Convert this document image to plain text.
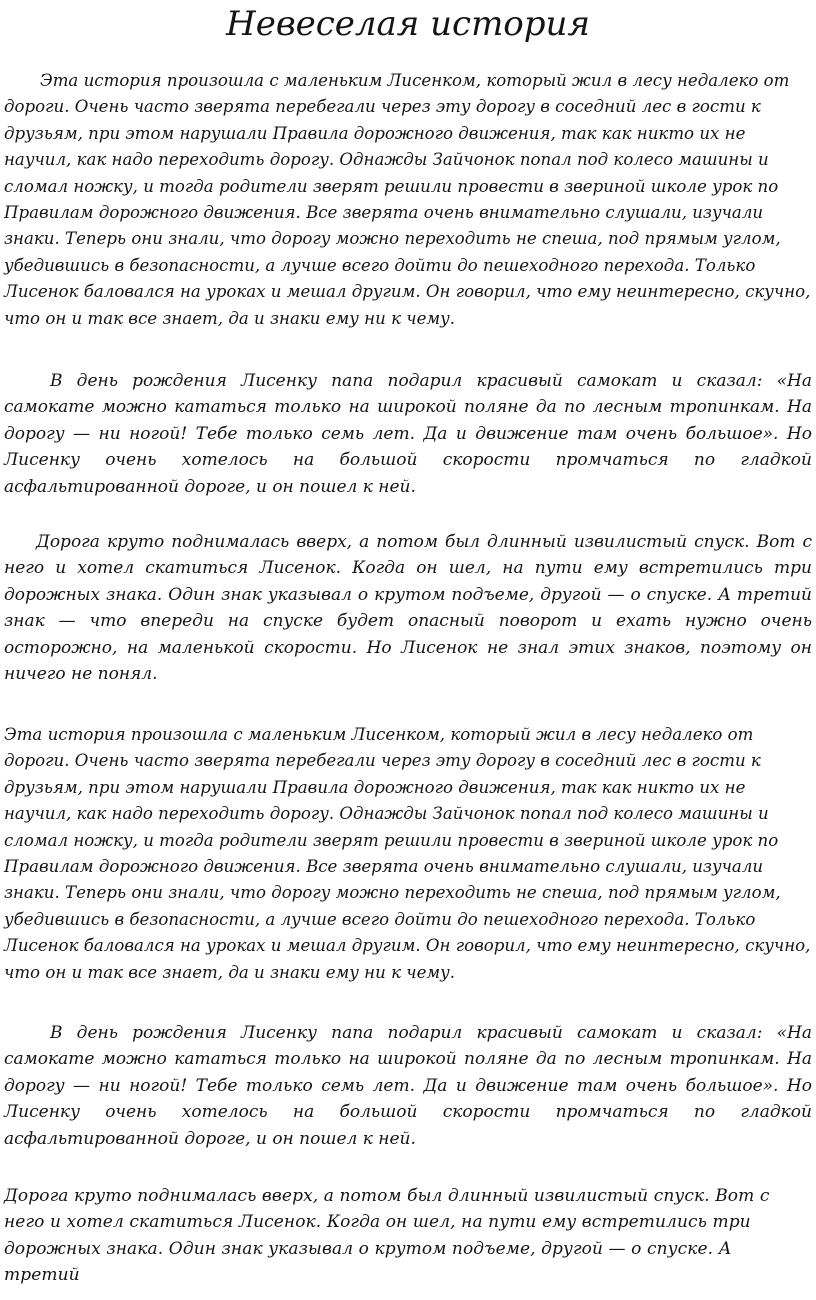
Невеселая история

Эта история произошла с маленьким Лисенком, который жил в лесу недалеко от дороги. Очень часто зверята перебегали через эту дорогу в соседний лес в гости к друзьям, при этом нарушали Правила дорожного движения, так как никто их не научил, как надо переходить дорогу. Однажды Зайчонок попал под колесо машины и сломал ножку, и тогда родители зверят решили провести в звериной школе урок по Правилам дорожного движения. Все зверята очень внимательно слушали, изучали знаки. Теперь они знали, что дорогу можно переходить не спеша, под прямым углом, убедившись в безопасности, а лучше всего дойти до пешеходного перехода. Только Лисенок баловался на уроках и мешал другим. Он говорил, что ему неинтересно, скучно, что он и так все знает, да и знаки ему ни к чему.

В день рождения Лисенку папа подарил красивый самокат и сказал: «На самокате можно кататься только на широкой поляне да по лесным тропинкам. На дорогу — ни ногой! Тебе только семь лет. Да и движение там очень большое». Но Лисенку очень хотелось на большой скорости промчаться по гладкой асфальтированной дороге, и он пошел к ней.

Дорога круто поднималась вверх, а потом был длинный извилистый спуск. Вот с него и хотел скатиться Лисенок. Когда он шел, на пути ему встретились три дорожных знака. Один знак указывал о крутом подъеме, другой — о спуске. А третий знак — что впереди на спуске будет опасный поворот и ехать нужно очень осторожно, на маленькой скорости. Но Лисенок не знал этих знаков, поэтому он ничего не понял.

Эта история произошла с маленьким Лисенком, который жил в лесу недалеко от дороги. Очень часто зверята перебегали через эту дорогу в соседний лес в гости к друзьям, при этом нарушали Правила дорожного движения, так как никто их не научил, как надо переходить дорогу. Однажды Зайчонок попал под колесо машины и сломал ножку, и тогда родители зверят решили провести в звериной школе урок по Правилам дорожного движения. Все зверята очень внимательно слушали, изучали знаки. Теперь они знали, что дорогу можно переходить не спеша, под прямым углом, убедившись в безопасности, а лучше всего дойти до пешеходного перехода. Только Лисенок баловался на уроках и мешал другим. Он говорил, что ему неинтересно, скучно, что он и так все знает, да и знаки ему ни к чему.

В день рождения Лисенку папа подарил красивый самокат и сказал: «На самокате можно кататься только на широкой поляне да по лесным тропинкам. На дорогу — ни ногой! Тебе только семь лет. Да и движение там очень большое». Но Лисенку очень хотелось на большой скорости промчаться по гладкой асфальтированной дороге, и он пошел к ней.

Дорога круто поднималась вверх, а потом был длинный извилистый спуск. Вот с него и хотел скатиться Лисенок. Когда он шел, на пути ему встретились три дорожных знака. Один знак указывал о крутом подъеме, другой — о спуске. А третий
